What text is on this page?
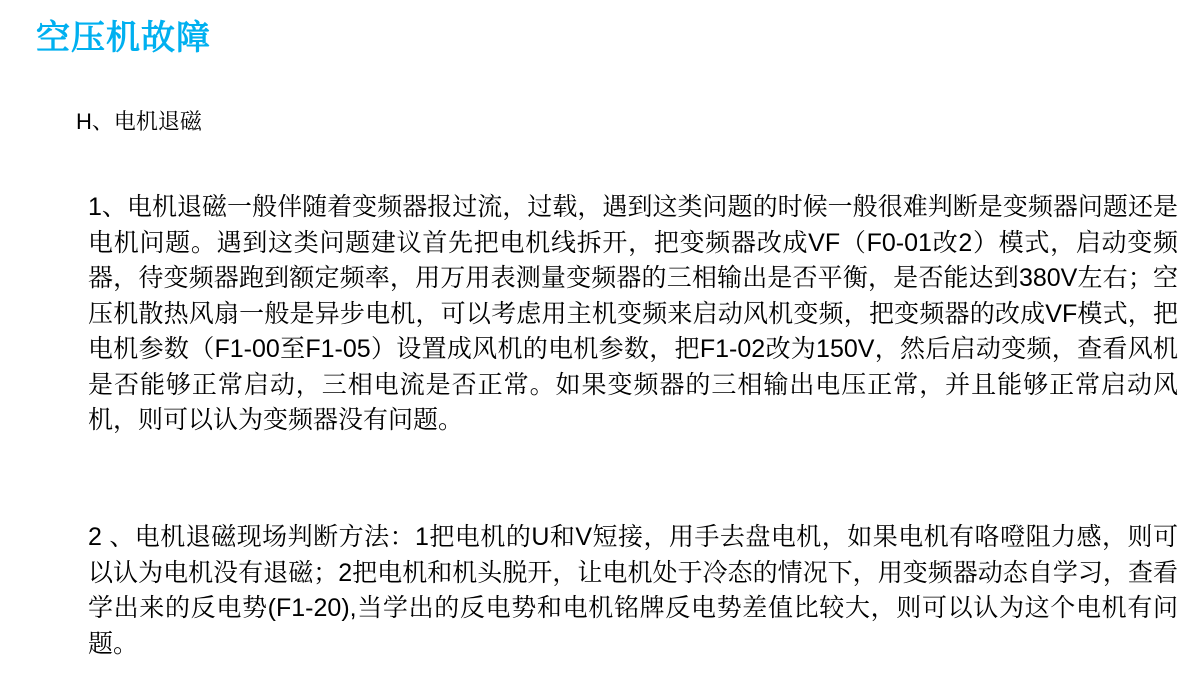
空压机故障
H、电机退磁

1、电机退磁一般伴随着变频器报过流，过载，遇到这类问题的时候一般很难判断是变频器问题还是电机问题。遇到这类问题建议首先把电机线拆开，把变频器改成VF（F0-01改2）模式，启动变频器，待变频器跑到额定频率，用万用表测量变频器的三相输出是否平衡，是否能达到380V左右；空压机散热风扇一般是异步电机，可以考虑用主机变频来启动风机变频，把变频器的改成VF模式，把电机参数（F1-00至F1-05）设置成风机的电机参数，把F1-02改为150V，然后启动变频，查看风机是否能够正常启动，三相电流是否正常。如果变频器的三相输出电压正常，并且能够正常启动风机，则可以认为变频器没有问题。

2 、电机退磁现场判断方法：1把电机的U和V短接，用手去盘电机，如果电机有咯噔阻力感，则可以认为电机没有退磁；2把电机和机头脱开，让电机处于冷态的情况下，用变频器动态自学习，查看学出来的反电势(F1-20),当学出的反电势和电机铭牌反电势差值比较大，则可以认为这个电机有问题。
